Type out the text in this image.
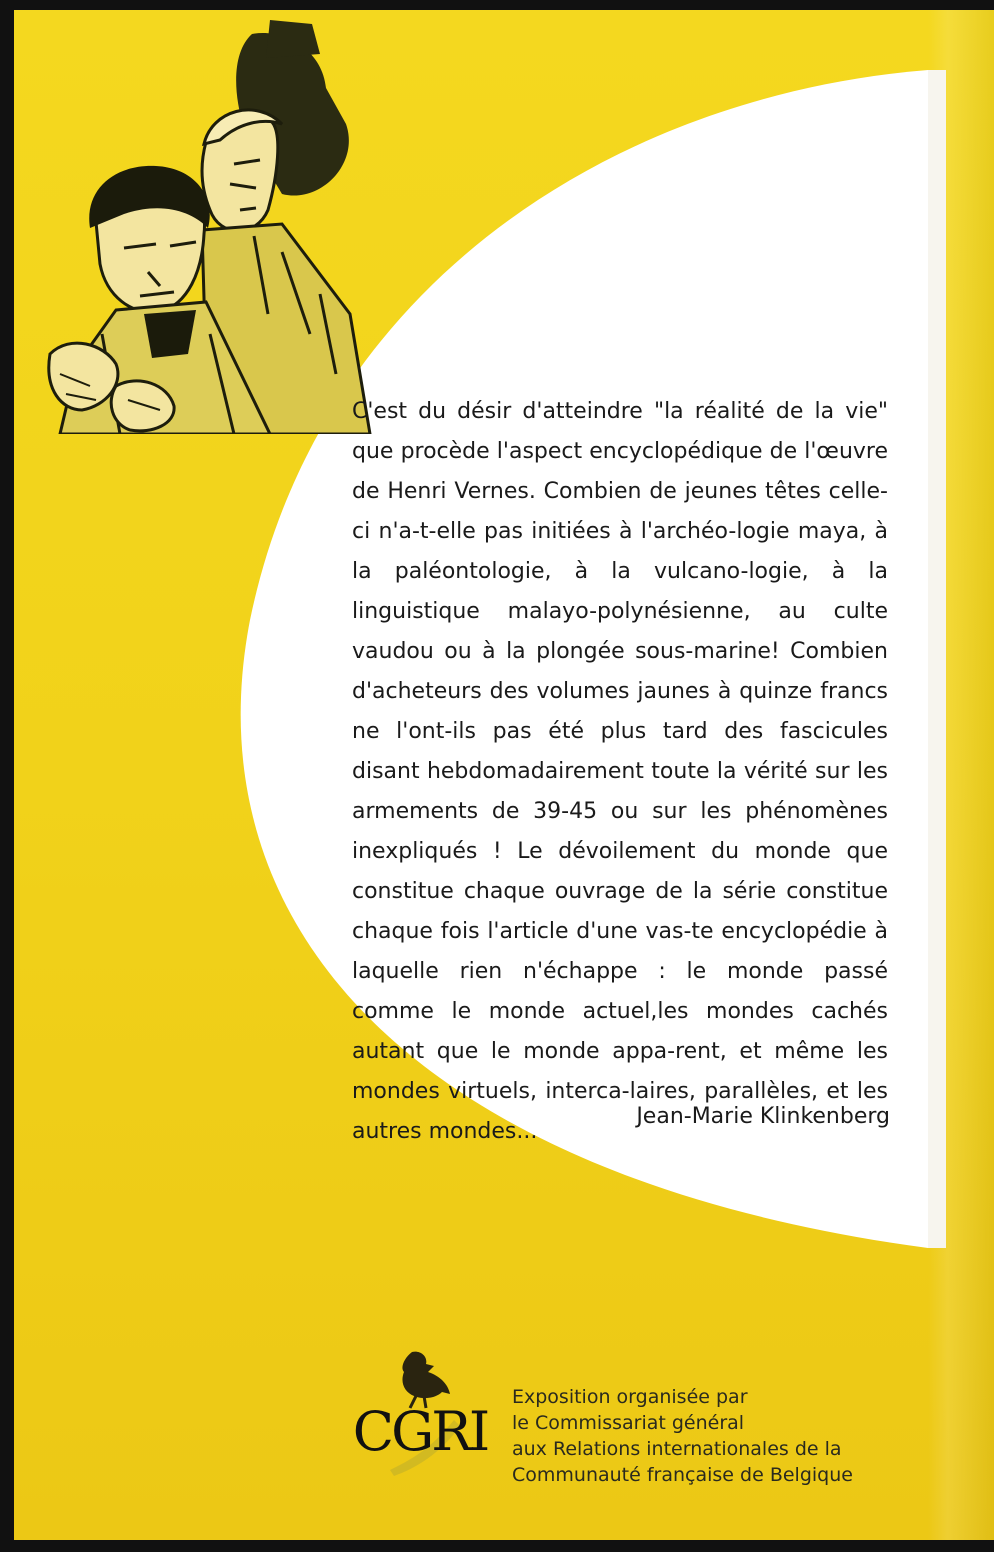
C'est du désir d'atteindre "la réalité de la vie" que procède l'aspect encyclopédique de l'œuvre de Henri Vernes. Combien de jeunes têtes celle-ci n'a-t-elle pas initiées à l'archéo-logie maya, à la paléontologie, à la vulcano-logie, à la linguistique malayo-polynésienne, au culte vaudou ou à la plongée sous-marine! Combien d'acheteurs des volumes jaunes à quinze francs ne l'ont-ils pas été plus tard des fascicules disant hebdomadairement toute la vérité sur les armements de 39-45 ou sur les phénomènes inexpliqués ! Le dévoilement du monde que constitue chaque ouvrage de la série constitue chaque fois l'article d'une vas-te encyclopédie à laquelle rien n'échappe : le monde passé comme le monde actuel,les mondes cachés autant que le monde appa-rent, et même les mondes virtuels, interca-laires, parallèles, et les autres mondes...
Jean-Marie Klinkenberg
CGRI
Exposition organisée par
le Commissariat général
aux Relations internationales de la
Communauté française de Belgique
